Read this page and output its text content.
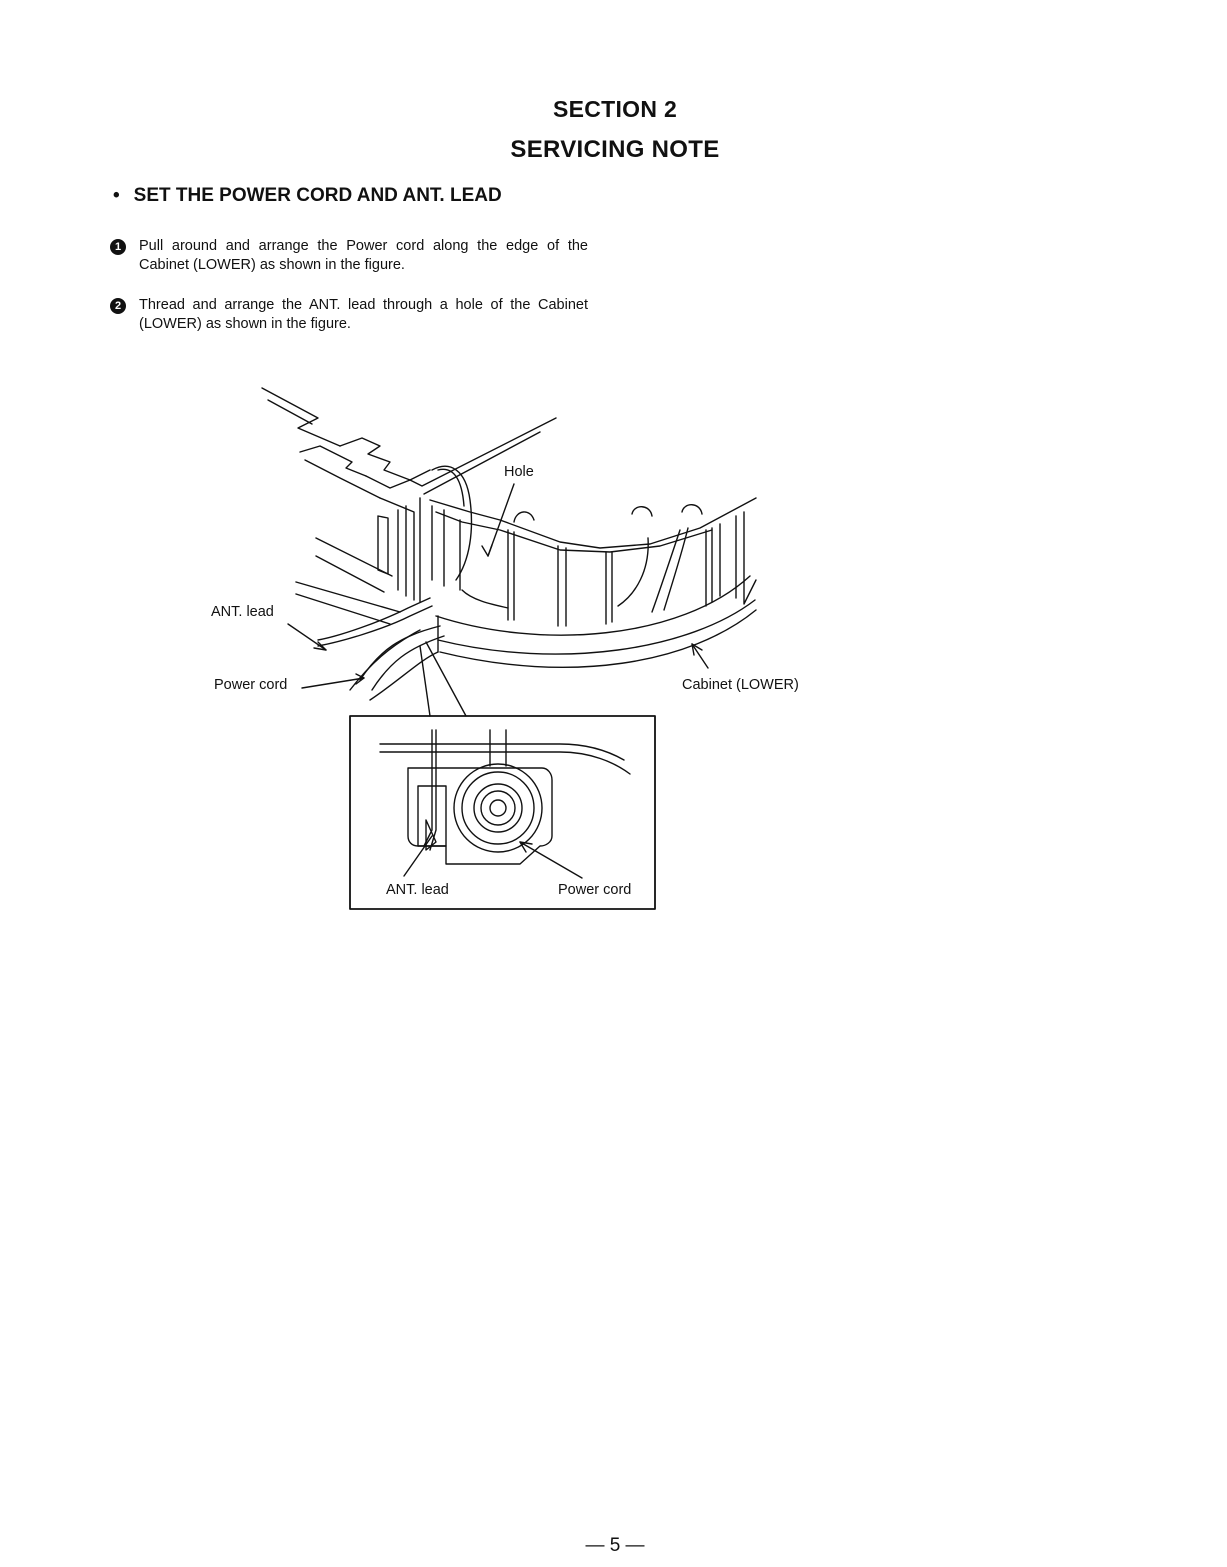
SECTION 2
SERVICING NOTE
• SET THE POWER CORD AND ANT. LEAD
1	Pull around and arrange the Power cord along the edge of the Cabinet (LOWER) as shown in the figure.
2	Thread and arrange the ANT. lead through a hole of the Cabinet (LOWER) as shown in the figure.
Hole
ANT. lead
Power cord	Cabinet (LOWER)
ANT. lead	Power cord
— 5 —
